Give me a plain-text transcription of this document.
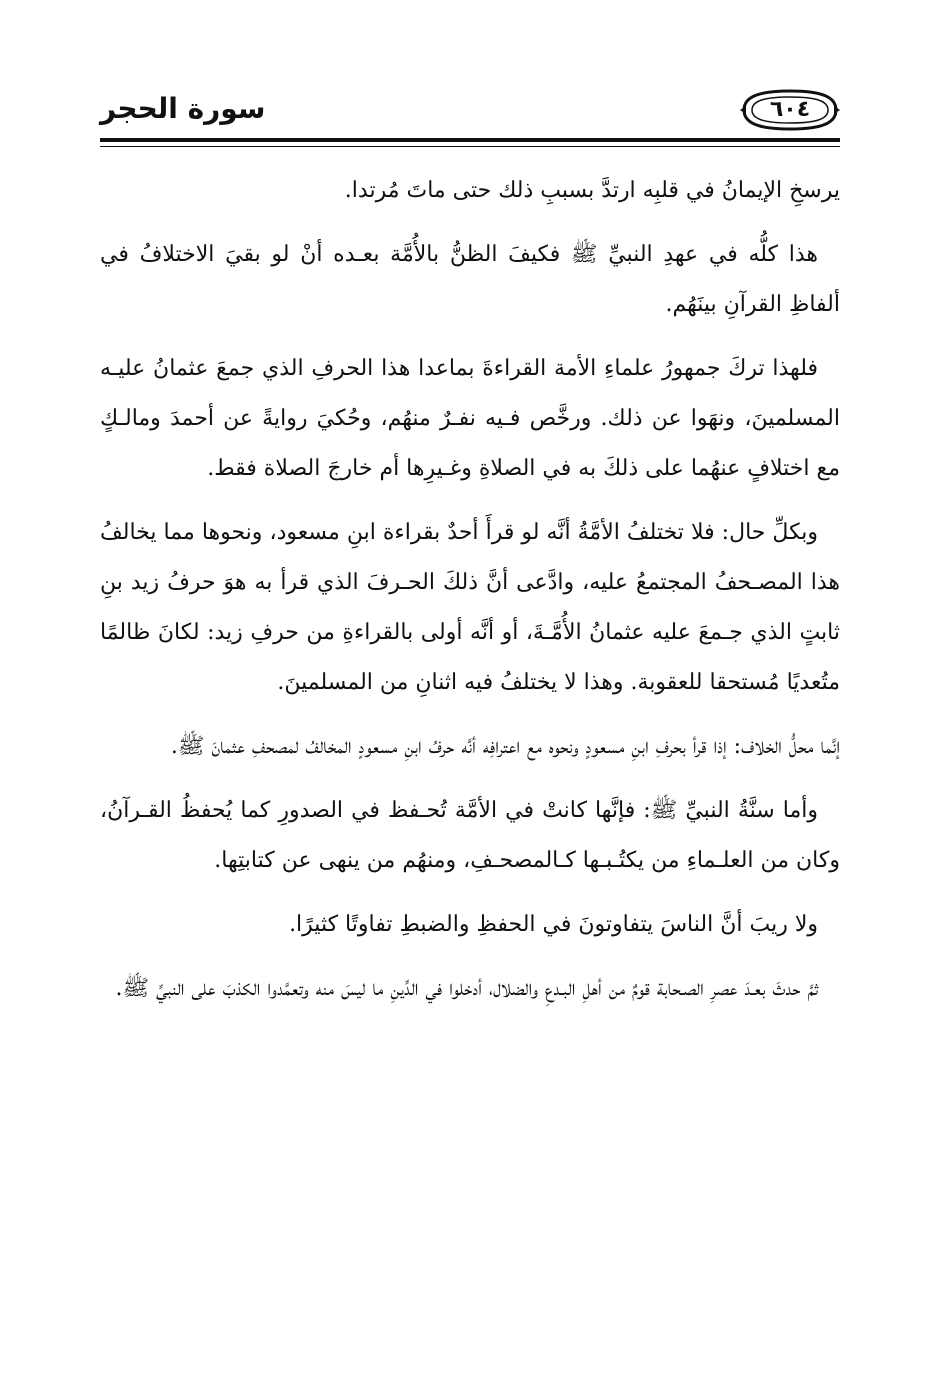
سورة الحجر	٦٠٤

يرسخِ الإيمانُ في قلبِه ارتدَّ بسببِ ذلك حتى ماتَ مُرتدا.

هذا كلُّه في عهدِ النبيِّ ﷺ فكيفَ الظنُّ بالأُمَّة بعـده أنْ لو بقيَ الاختلافُ في ألفاظِ القرآنِ بينَهُم.

فلهذا تركَ جمهورُ علماءِ الأمة القراءةَ بماعدا هذا الحرفِ الذي جمعَ عثمانُ عليـه المسلمينَ، ونهَوا عن ذلك. ورخَّص فـيه نفـرٌ منهُم، وحُكيَ روايةً عن أحمدَ ومالـكٍ مع اختلافٍ عنهُما على ذلكَ به في الصلاةِ وغـيرِها أم خارجَ الصلاة فقط.

وبكلِّ حال: فلا تختلفُ الأمَّةُ أنَّه لو قرأَ أحدٌ بقراءة ابنِ مسعود، ونحوها مما يخالفُ هذا المصـحفُ المجتمعُ عليه، وادَّعى أنَّ ذلكَ الحـرفَ الذي قرأ به هوَ حرفُ زيد بنِ ثابتٍ الذي جـمعَ عليه عثمانُ الأُمَّـةَ، أو أنَّه أولى بالقراءةِ من حرفِ زيد: لكانَ ظالمًا متُعديًا مُستحقا للعقوبة. وهذا لا يختلفُ فيه اثنانِ من المسلمينَ.

إنَّما محلُّ الخلاف: إذا قرأ بحرفِ ابنِ مسعودٍ ونحوه مع اعترافِه أنَّه حرفُ ابنِ مسعودٍ المخالفُ لمصحفِ عثمانَ ﷺ.

وأما سنَّةُ النبيِّ ﷺ: فإنَّها كانتْ في الأمَّة تُحـفظ في الصدورِ كما يُحفظُ القـرآنُ، وكان من العلـماءِ من يكتُـبـها كـالمصحـفِ، ومنهُم من ينهى عن كتابتِها.

ولا ريبَ أنَّ الناسَ يتفاوتونَ في الحفظِ والضبطِ تفاوتًا كثيرًا.

ثمَّ حدثَ بعـدَ عصرِ الصـحابة قومٌ من أهلِ البـدعِ والضلال، أدخلوا في الدِّينِ ما ليسَ منه وتعمَّدوا الكذبَ على النبيِّ ﷺ.
